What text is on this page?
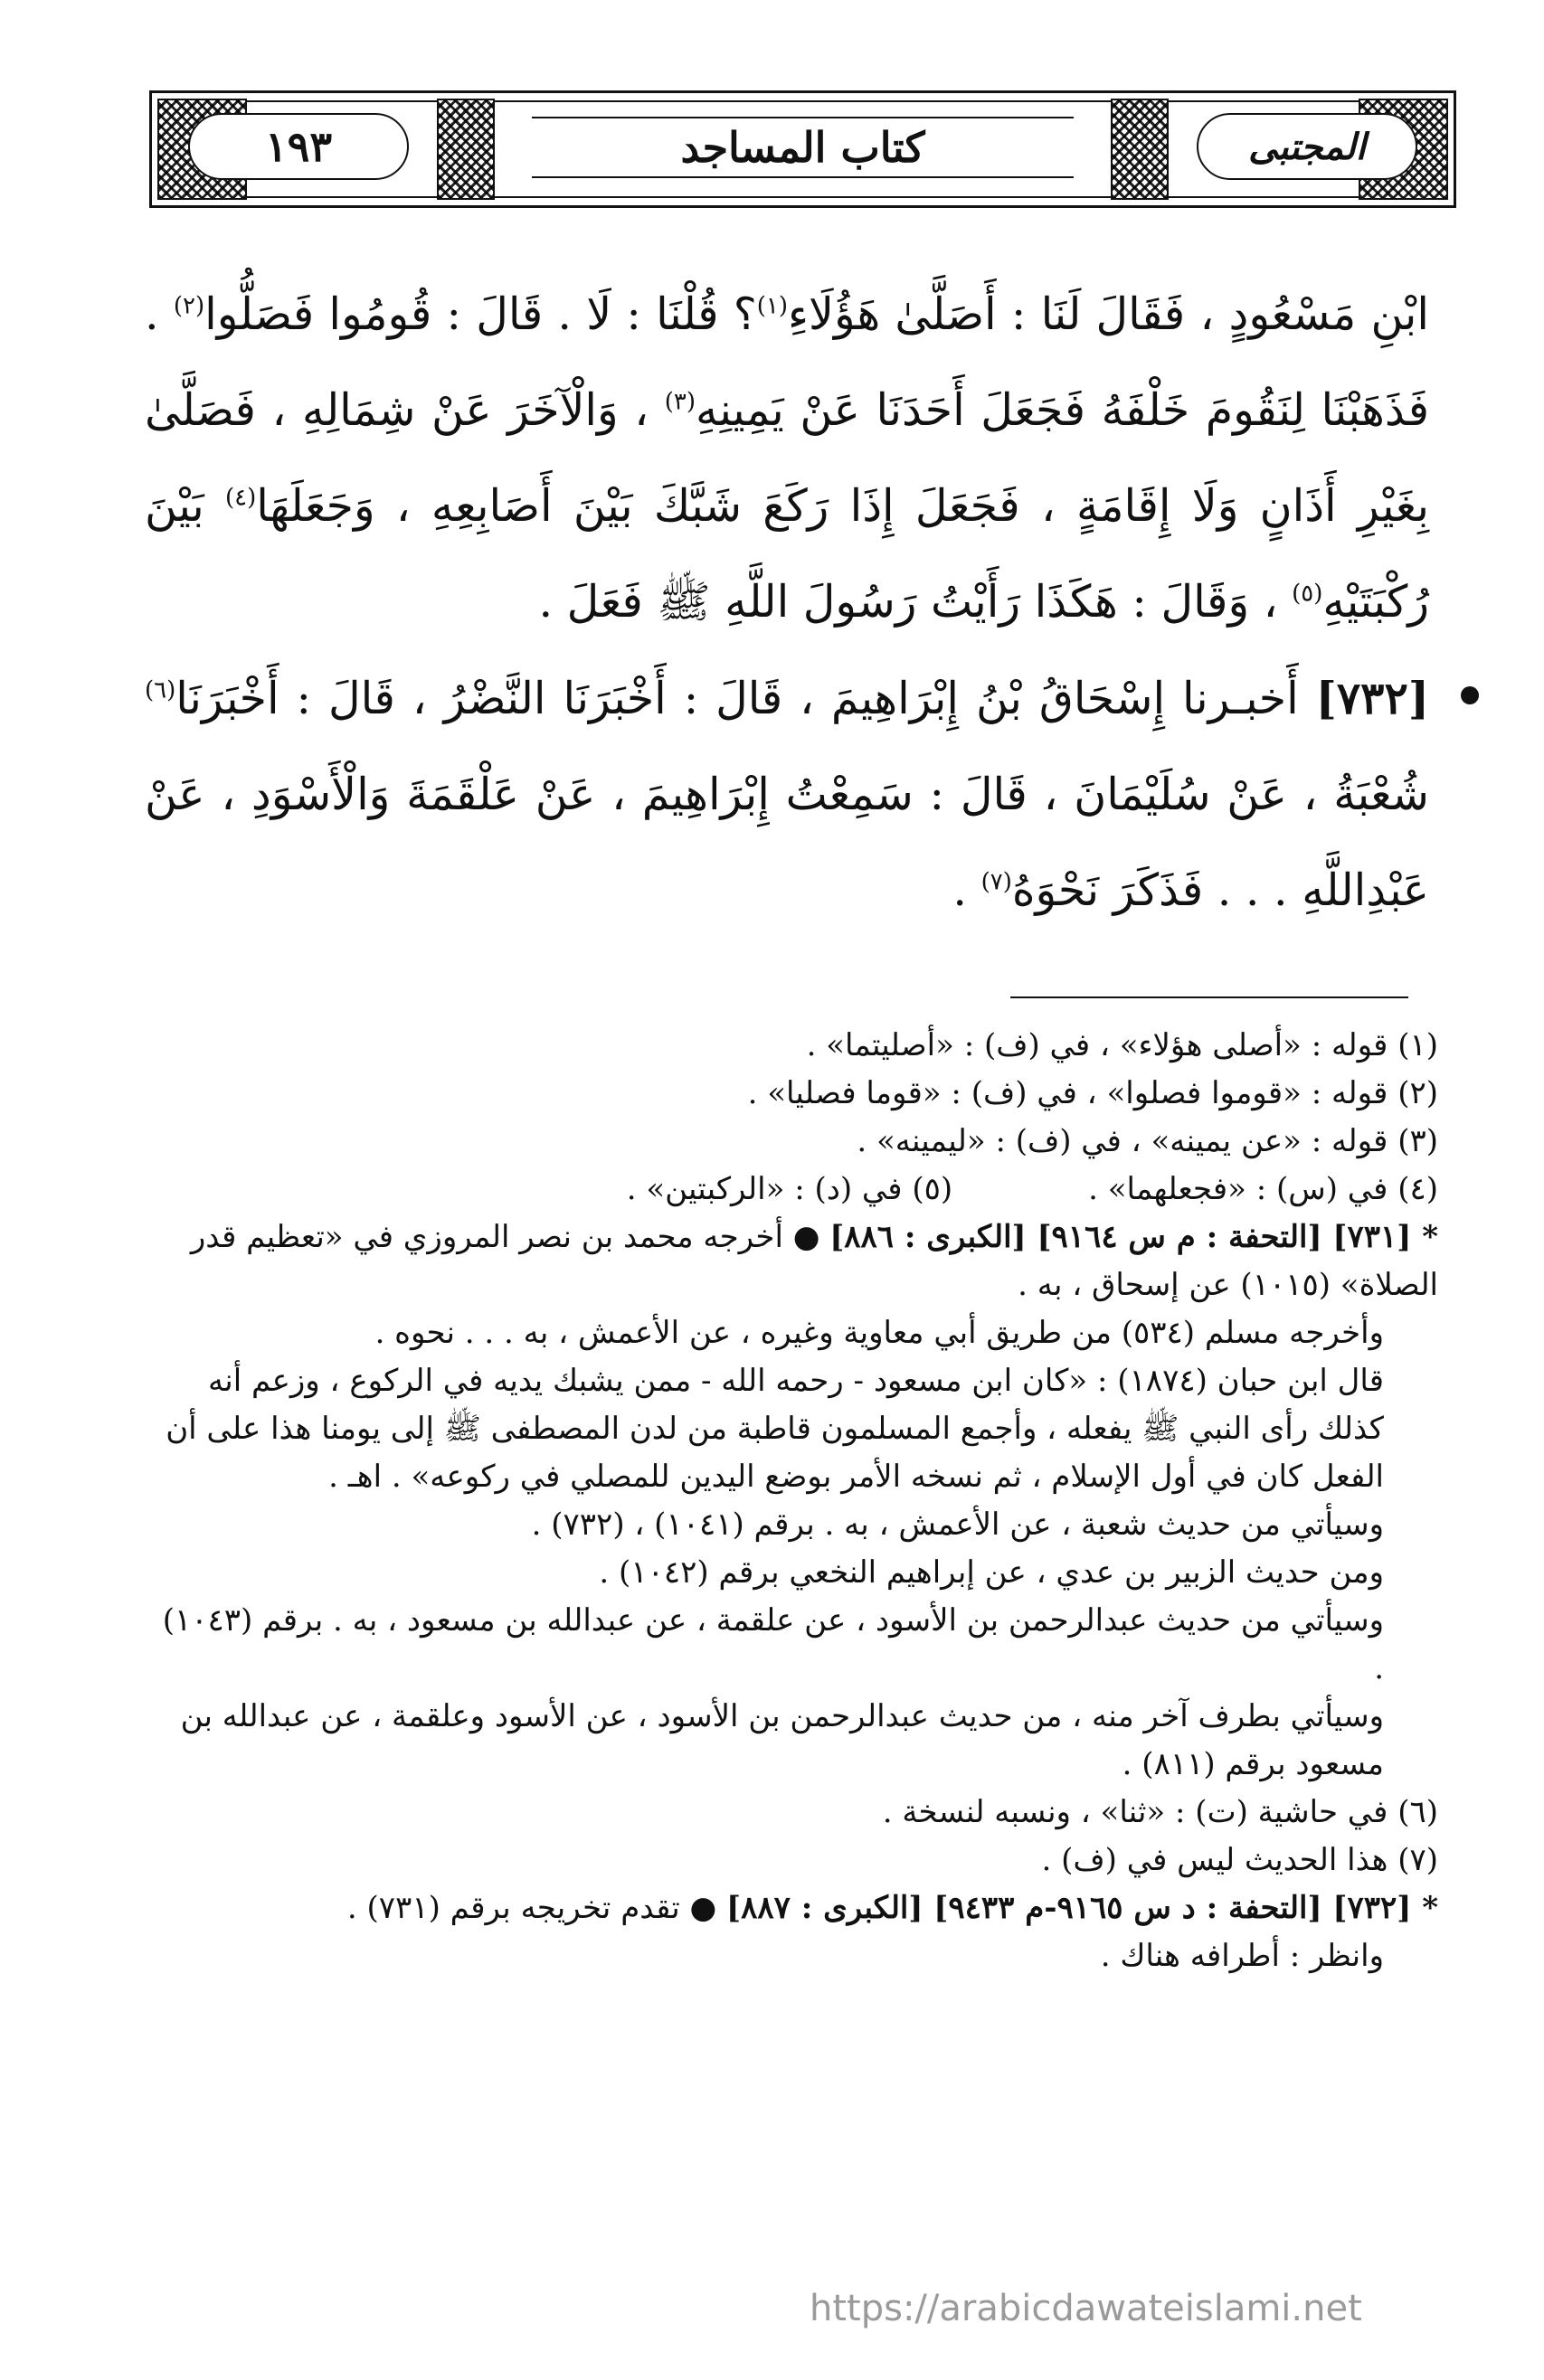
١٩٣	كتاب المساجد	المجتبى

ابْنِ مَسْعُودٍ ، فَقَالَ لَنَا : أَصَلَّىٰ هَؤُلَاءِ$^{(١)}$؟ قُلْنَا : لَا . قَالَ : قُومُوا فَصَلُّوا$^{(٢)}$ . فَذَهَبْنَا لِنَقُومَ خَلْفَهُ فَجَعَلَ أَحَدَنَا عَنْ يَمِينِهِ$^{(٣)}$ ، وَالْآخَرَ عَنْ شِمَالِهِ ، فَصَلَّىٰ بِغَيْرِ أَذَانٍ وَلَا إِقَامَةٍ ، فَجَعَلَ إِذَا رَكَعَ شَبَّكَ بَيْنَ أَصَابِعِهِ ، وَجَعَلَهَا$^{(٤)}$ بَيْنَ رُكْبَتَيْهِ$^{(٥)}$ ، وَقَالَ : هَكَذَا رَأَيْتُ رَسُولَ اللَّهِ ﷺ فَعَلَ .

[٧٣٢] أَخبـرنا إِسْحَاقُ بْنُ إِبْرَاهِيمَ ، قَالَ : أَخْبَرَنَا النَّضْرُ ، قَالَ : أَخْبَرَنَا$^{(٦)}$ شُعْبَةُ ، عَنْ سُلَيْمَانَ ، قَالَ : سَمِعْتُ إِبْرَاهِيمَ ، عَنْ عَلْقَمَةَ وَالْأَسْوَدِ ، عَنْ عَبْدِاللَّهِ . . . فَذَكَرَ نَحْوَهُ$^{(٧)}$ .

(١) قوله : «أصلى هؤلاء» ، في (ف) : «أصليتما» .

(٢) قوله : «قوموا فصلوا» ، في (ف) : «قوما فصليا» .

(٣) قوله : «عن يمينه» ، في (ف) : «ليمينه» .

(٤) في (س) : «فجعلهما» .
(٥) في (د) : «الركبتين» .

* [٧٣١] [التحفة : م س ٩١٦٤] [الكبرى : ٨٨٦] ● أخرجه محمد بن نصر المروزي في «تعظيم قدر الصلاة» (١٠١٥) عن إسحاق ، به .

وأخرجه مسلم (٥٣٤) من طريق أبي معاوية وغيره ، عن الأعمش ، به . . . نحوه .

قال ابن حبان (١٨٧٤) : «كان ابن مسعود - رحمه الله - ممن يشبك يديه في الركوع ، وزعم أنه كذلك رأى النبي ﷺ يفعله ، وأجمع المسلمون قاطبة من لدن المصطفى ﷺ إلى يومنا هذا على أن الفعل كان في أول الإسلام ، ثم نسخه الأمر بوضع اليدين للمصلي في ركوعه» . اهـ .

وسيأتي من حديث شعبة ، عن الأعمش ، به . برقم (١٠٤١) ، (٧٣٢) .

ومن حديث الزبير بن عدي ، عن إبراهيم النخعي برقم (١٠٤٢) .

وسيأتي من حديث عبدالرحمن بن الأسود ، عن علقمة ، عن عبدالله بن مسعود ، به . برقم (١٠٤٣) .

وسيأتي بطرف آخر منه ، من حديث عبدالرحمن بن الأسود ، عن الأسود وعلقمة ، عن عبدالله بن مسعود برقم (٨١١) .

(٦) في حاشية (ت) : «ثنا» ، ونسبه لنسخة .

(٧) هذا الحديث ليس في (ف) .

* [٧٣٢] [التحفة : د س ٩١٦٥-م ٩٤٣٣] [الكبرى : ٨٨٧] ● تقدم تخريجه برقم (٧٣١) .

وانظر : أطرافه هناك .

https://arabicdawateislami.net
